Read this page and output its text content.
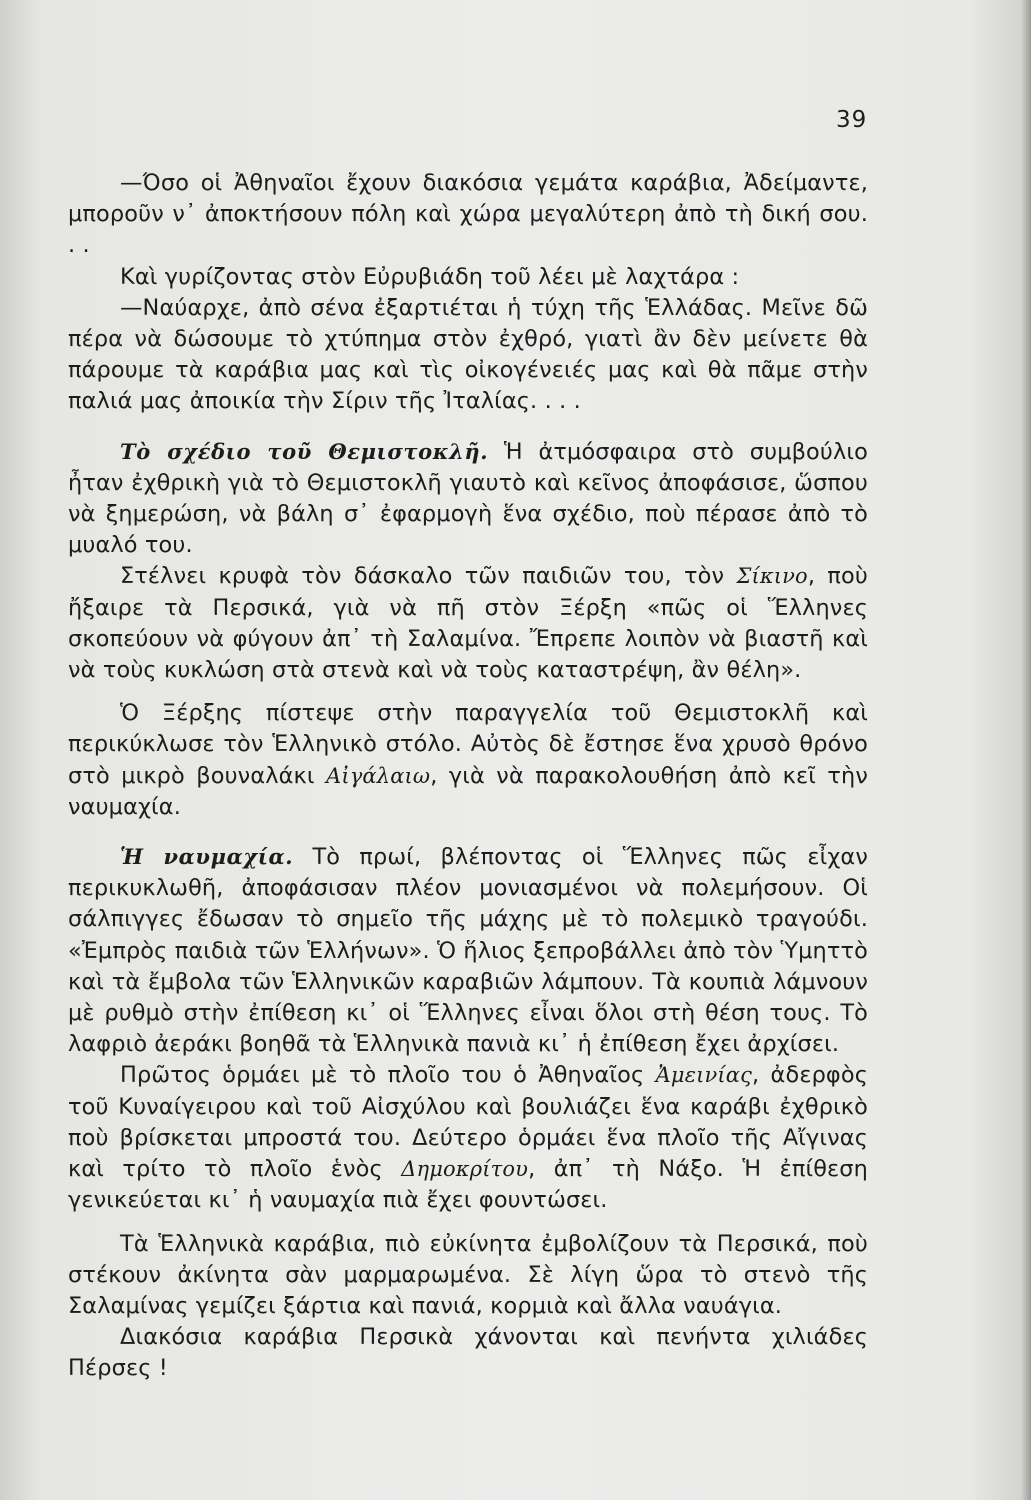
39

—Όσο οἱ Ἀθηναῖοι ἔχουν διακόσια γεμάτα καράβια, Ἀδείμαντε, μποροῦν ν᾿ ἀποκτήσουν πόλη καὶ χώρα μεγαλύτερη ἀπὸ τὴ δική σου. . .

Καὶ γυρίζοντας στὸν Εὐρυβιάδη τοῦ λέει μὲ λαχτάρα :

—Ναύαρχε, ἀπὸ σένα ἐξαρτιέται ἡ τύχη τῆς Ἑλλάδας. Μεῖνε δῶ πέρα νὰ δώσουμε τὸ χτύπημα στὸν ἐχθρό, γιατὶ ἂν δὲν μείνετε θὰ πάρουμε τὰ καράβια μας καὶ τὶς οἰκογένειές μας καὶ θὰ πᾶμε στὴν παλιά μας ἀποικία τὴν Σίριν τῆς Ἰταλίας. . . .

Τὸ σχέδιο τοῦ Θεμιστοκλῆ. Ἡ ἀτμόσφαιρα στὸ συμβούλιο ἦταν ἐχθρικὴ γιὰ τὸ Θεμιστοκλῆ γιαυτὸ καὶ κεῖνος ἀποφάσισε, ὥσπου νὰ ξημερώση, νὰ βάλη σ᾿ ἐφαρμογὴ ἕνα σχέδιο, ποὺ πέρασε ἀπὸ τὸ μυαλό του.

Στέλνει κρυφὰ τὸν δάσκαλο τῶν παιδιῶν του, τὸν Σίκινο, ποὺ ἤξαιρε τὰ Περσικά, γιὰ νὰ πῆ στὸν Ξέρξη «πῶς οἱ Ἕλληνες σκοπεύουν νὰ φύγουν ἀπ᾿ τὴ Σαλαμίνα. Ἔπρεπε λοιπὸν νὰ βιαστῆ καὶ νὰ τοὺς κυκλώση στὰ στενὰ καὶ νὰ τοὺς καταστρέψη, ἂν θέλη».

Ὁ Ξέρξης πίστεψε στὴν παραγγελία τοῦ Θεμιστοκλῆ καὶ περικύκλωσε τὸν Ἑλληνικὸ στόλο. Αὐτὸς δὲ ἔστησε ἕνα χρυσὸ θρόνο στὸ μικρὸ βουναλάκι Αἰγάλαιω, γιὰ νὰ παρακολουθήση ἀπὸ κεῖ τὴν ναυμαχία.

Ἡ ναυμαχία. Τὸ πρωί, βλέποντας οἱ Ἕλληνες πῶς εἶχαν περικυκλωθῆ, ἀποφάσισαν πλέον μονιασμένοι νὰ πολεμήσουν. Οἱ σάλπιγγες ἔδωσαν τὸ σημεῖο τῆς μάχης μὲ τὸ πολεμικὸ τραγούδι. «Ἐμπρὸς παιδιὰ τῶν Ἑλλήνων». Ὁ ἥλιος ξεπροβάλλει ἀπὸ τὸν Ὑμηττὸ καὶ τὰ ἔμβολα τῶν Ἑλληνικῶν καραβιῶν λάμπουν. Τὰ κουπιὰ λάμνουν μὲ ρυθμὸ στὴν ἐπίθεση κι᾿ οἱ Ἕλληνες εἶναι ὅλοι στὴ θέση τους. Τὸ λαφριὸ ἀεράκι βοηθᾶ τὰ Ἑλληνικὰ πανιὰ κι᾿ ἡ ἐπίθεση ἔχει ἀρχίσει.

Πρῶτος ὁρμάει μὲ τὸ πλοῖο του ὁ Ἀθηναῖος Ἀμεινίας, ἀδερφὸς τοῦ Κυναίγειρου καὶ τοῦ Αἰσχύλου καὶ βουλιάζει ἕνα καράβι ἐχθρικὸ ποὺ βρίσκεται μπροστά του. Δεύτερο ὁρμάει ἕνα πλοῖο τῆς Αἴγινας καὶ τρίτο τὸ πλοῖο ἑνὸς Δημοκρίτου, ἀπ᾿ τὴ Νάξο. Ἡ ἐπίθεση γενικεύεται κι᾿ ἡ ναυμαχία πιὰ ἔχει φουντώσει.

Τὰ Ἑλληνικὰ καράβια, πιὸ εὐκίνητα ἐμβολίζουν τὰ Περσικά, ποὺ στέκουν ἀκίνητα σὰν μαρμαρωμένα. Σὲ λίγη ὥρα τὸ στενὸ τῆς Σαλαμίνας γεμίζει ξάρτια καὶ πανιά, κορμιὰ καὶ ἄλλα ναυάγια.

Διακόσια καράβια Περσικὰ χάνονται καὶ πενήντα χιλιάδες Πέρσες !
